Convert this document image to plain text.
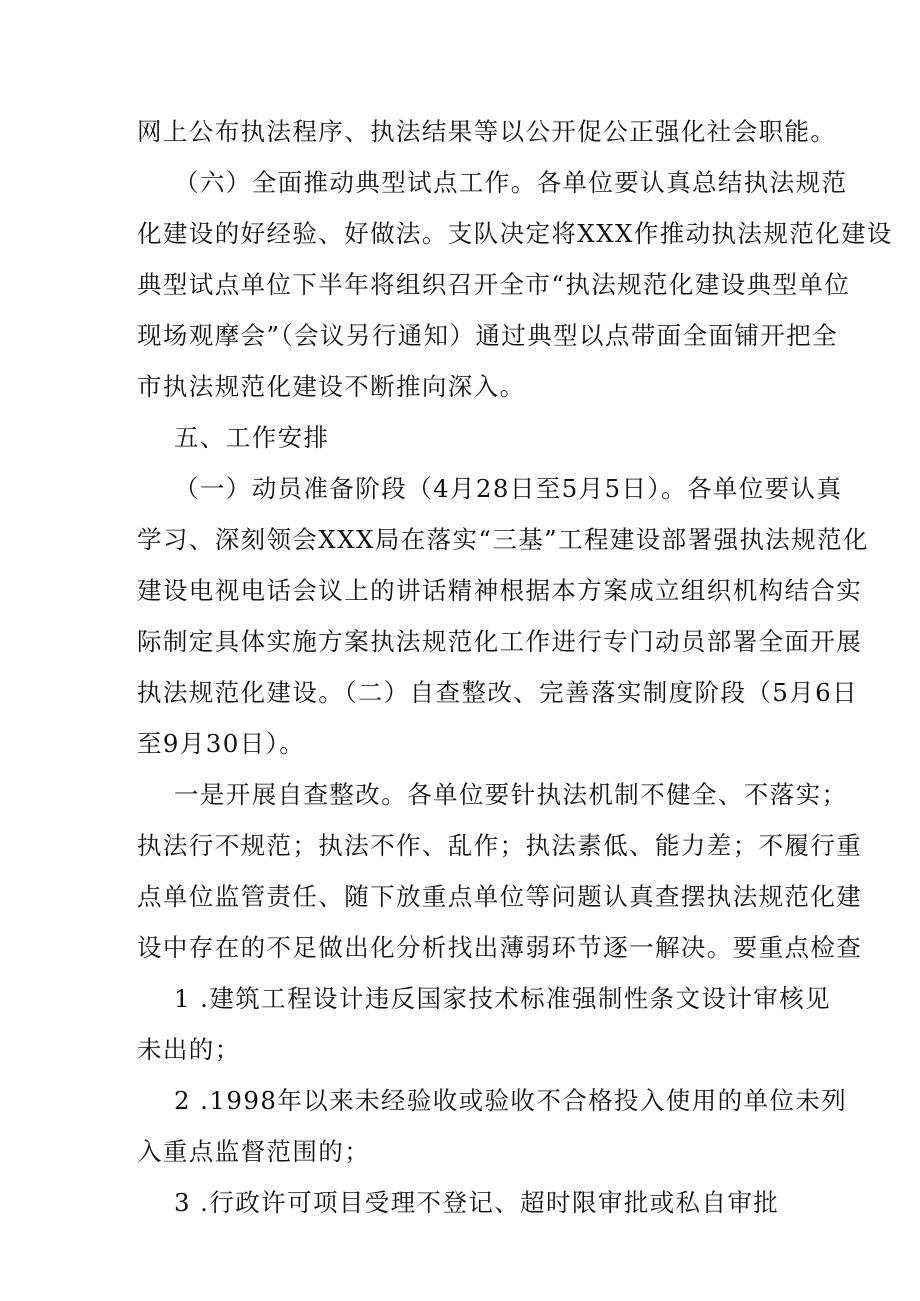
网上公布执法程序、执法结果等以公开促公正强化社会职能。
（六）全面推动典型试点工作。各单位要认真总结执法规范
化建设的好经验、好做法。支队决定将XXX作推动执法规范化建设
典型试点单位下半年将组织召开全市“执法规范化建设典型单位
现场观摩会”（会议另行通知）通过典型以点带面全面铺开把全
市执法规范化建设不断推向深入。
五、工作安排
（一）动员准备阶段（4月28日至5月5日）。各单位要认真
学习、深刻领会XXX局在落实“三基”工程建设部署强执法规范化
建设电视电话会议上的讲话精神根据本方案成立组织机构结合实
际制定具体实施方案执法规范化工作进行专门动员部署全面开展
执法规范化建设。（二）自查整改、完善落实制度阶段（5月6日
至9月30日）。
一是开展自查整改。各单位要针执法机制不健全、不落实；
执法行不规范；执法不作、乱作；执法素低、能力差；不履行重
点单位监管责任、随下放重点单位等问题认真查摆执法规范化建
设中存在的不足做出化分析找出薄弱环节逐一解决。要重点检查
1 .建筑工程设计违反国家技术标准强制性条文设计审核见
未出的；
2 .1998年以来未经验收或验收不合格投入使用的单位未列
入重点监督范围的；
3 .行政许可项目受理不登记、超时限审批或私自审批
